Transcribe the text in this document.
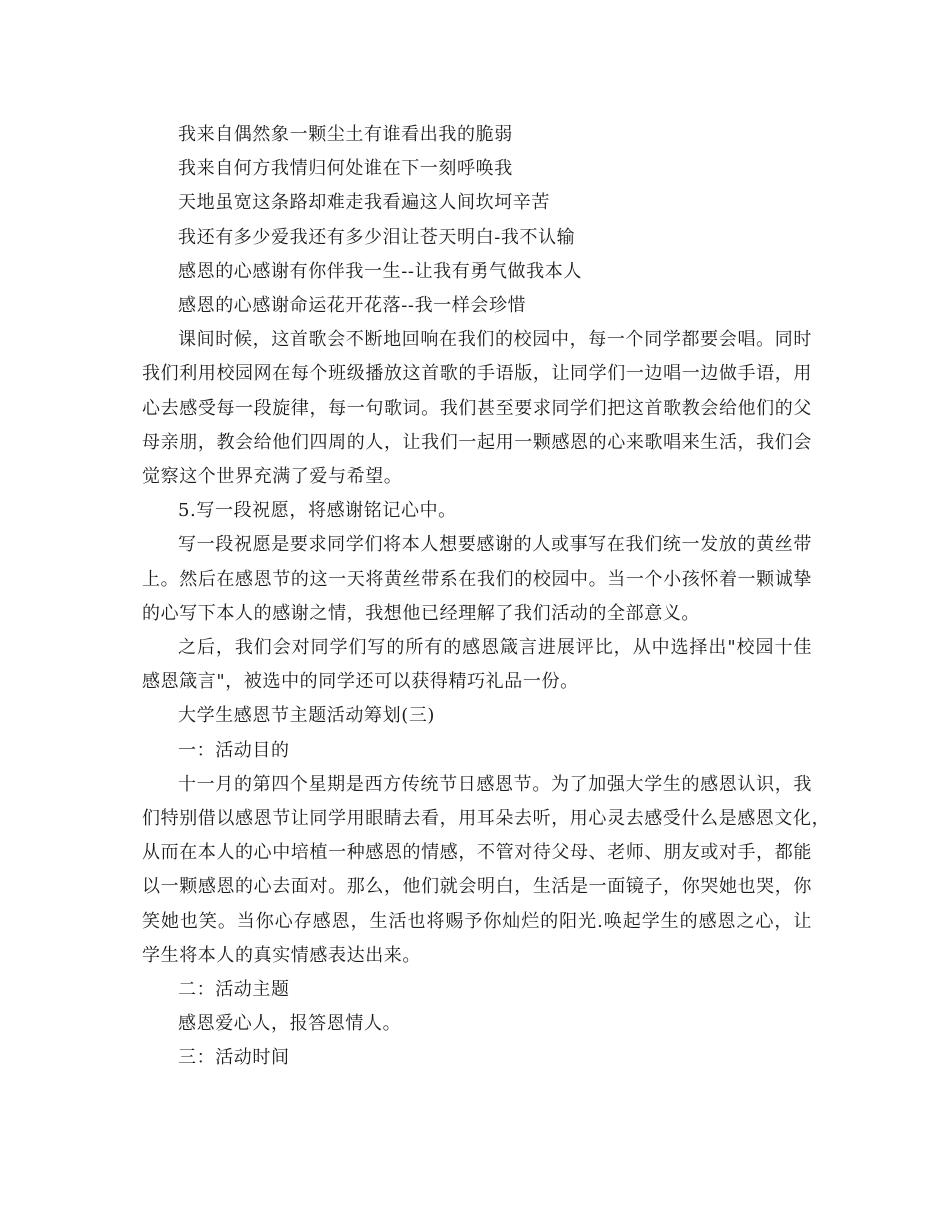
我来自偶然象一颗尘土有谁看出我的脆弱
我来自何方我情归何处谁在下一刻呼唤我
天地虽宽这条路却难走我看遍这人间坎坷辛苦
我还有多少爱我还有多少泪让苍天明白-我不认输
感恩的心感谢有你伴我一生--让我有勇气做我本人
感恩的心感谢命运花开花落--我一样会珍惜
课间时候，这首歌会不断地回响在我们的校园中，每一个同学都要会唱。同时
我们利用校园网在每个班级播放这首歌的手语版，让同学们一边唱一边做手语，用
心去感受每一段旋律，每一句歌词。我们甚至要求同学们把这首歌教会给他们的父
母亲朋，教会给他们四周的人，让我们一起用一颗感恩的心来歌唱来生活，我们会
觉察这个世界充满了爱与希望。
5.写一段祝愿，将感谢铭记心中。
写一段祝愿是要求同学们将本人想要感谢的人或事写在我们统一发放的黄丝带
上。然后在感恩节的这一天将黄丝带系在我们的校园中。当一个小孩怀着一颗诚挚
的心写下本人的感谢之情，我想他已经理解了我们活动的全部意义。
之后，我们会对同学们写的所有的感恩箴言进展评比，从中选择出"校园十佳
感恩箴言"，被选中的同学还可以获得精巧礼品一份。
大学生感恩节主题活动筹划(三)
一：活动目的
十一月的第四个星期是西方传统节日感恩节。为了加强大学生的感恩认识，我
们特别借以感恩节让同学用眼睛去看，用耳朵去听，用心灵去感受什么是感恩文化，
从而在本人的心中培植一种感恩的情感，不管对待父母、老师、朋友或对手，都能
以一颗感恩的心去面对。那么，他们就会明白，生活是一面镜子，你哭她也哭，你
笑她也笑。当你心存感恩，生活也将赐予你灿烂的阳光.唤起学生的感恩之心，让
学生将本人的真实情感表达出来。
二：活动主题
感恩爱心人，报答恩情人。
三：活动时间
